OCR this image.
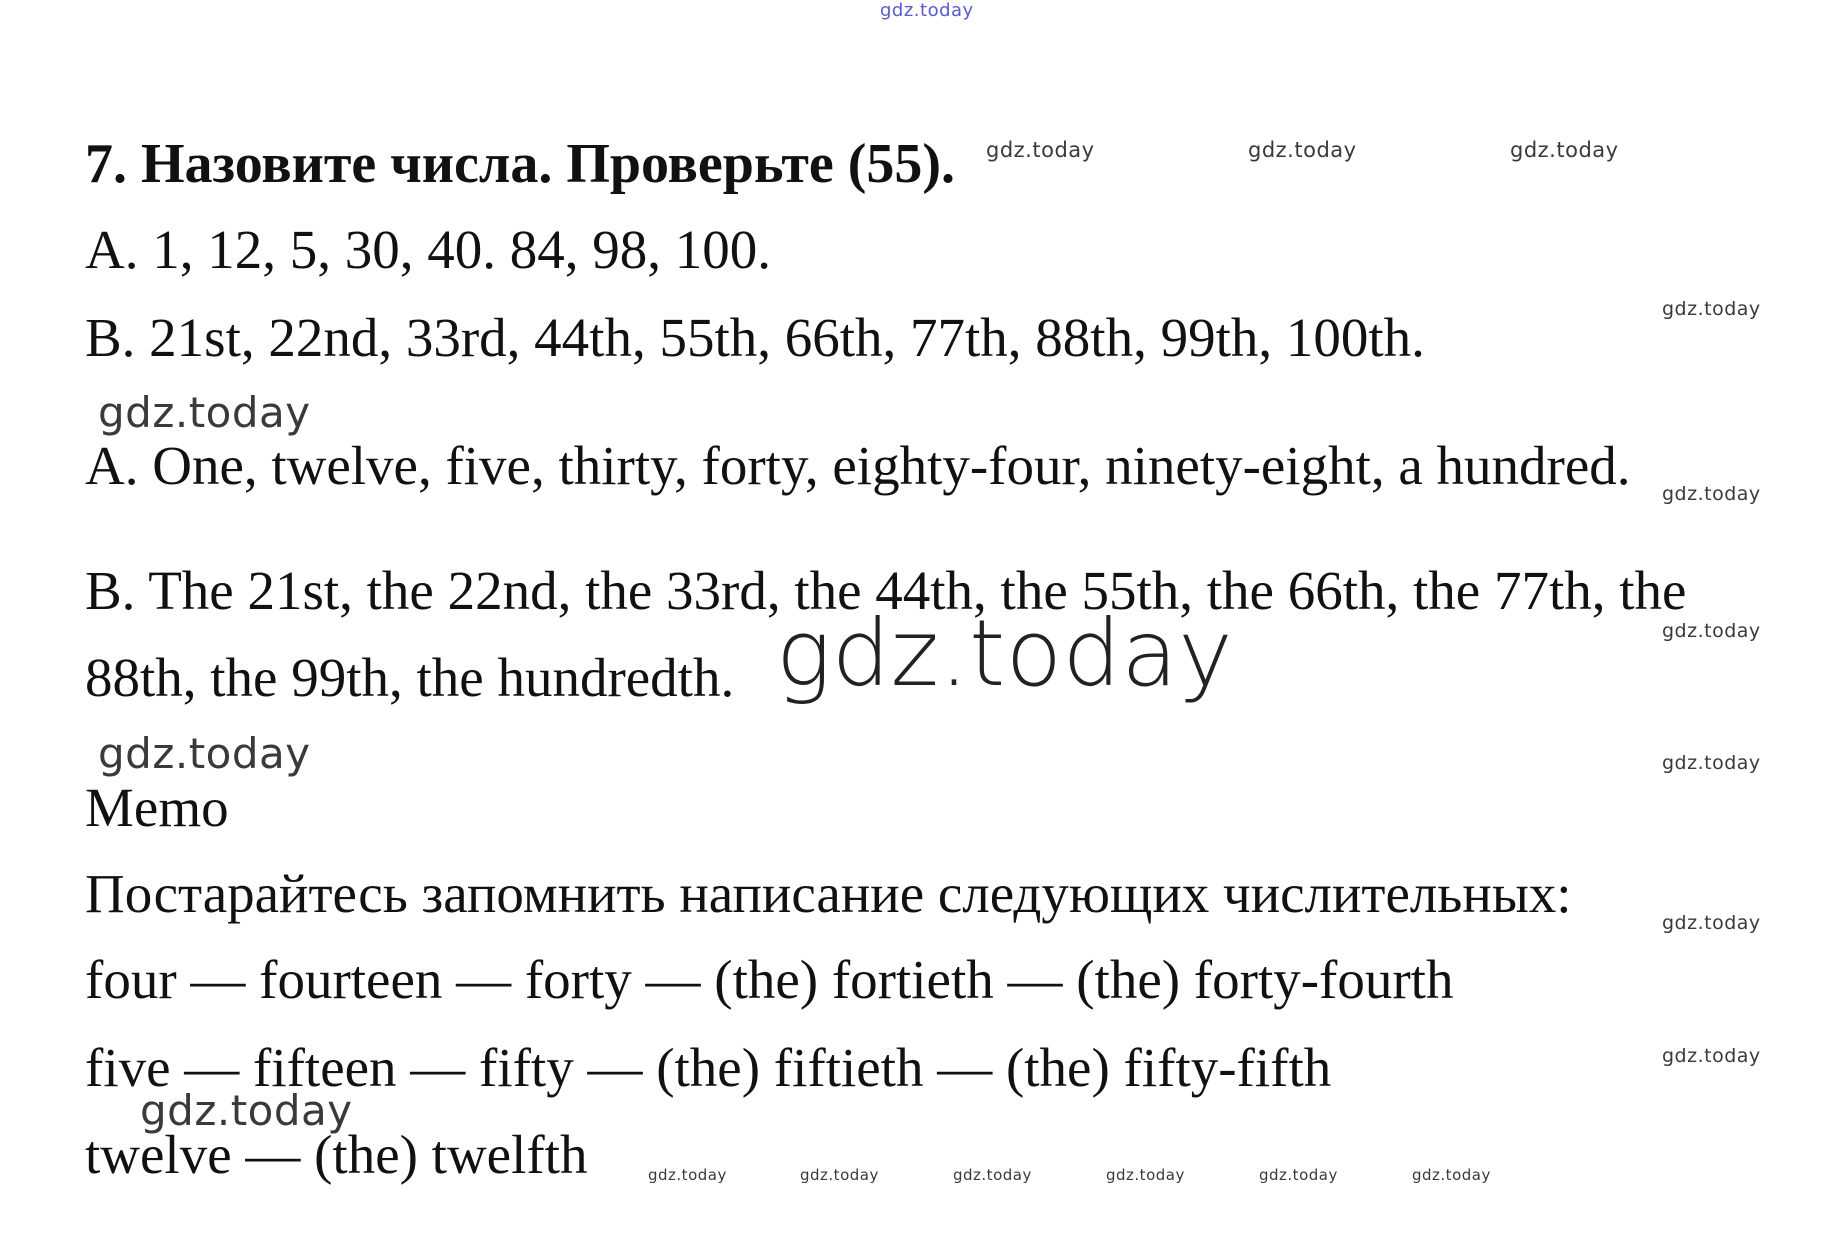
gdz.today
gdz.today	gdz.today	gdz.today
gdz.today
gdz.today
gdz.today
gdz.today
gdz.today
gdz.today	gdz.today
gdz.today
gdz.today
gdz.today
gdz.today	gdz.today	gdz.today	gdz.today	gdz.today	gdz.today
7. Назовите числа. Проверьте (55).
A. 1, 12, 5, 30, 40. 84, 98, 100.
B. 21st, 22nd, 33rd, 44th, 55th, 66th, 77th, 88th, 99th, 100th.
A. One, twelve, five, thirty, forty, eighty-four, ninety-eight, a hundred.
B. The 21st, the 22nd, the 33rd, the 44th, the 55th, the 66th, the 77th, the
88th, the 99th, the hundredth.
Memo
Постарайтесь запомнить написание следующих числительных:
four — fourteen — forty — (the) fortieth — (the) forty-fourth
five — fifteen — fifty — (the) fiftieth — (the) fifty-fifth
twelve — (the) twelfth
